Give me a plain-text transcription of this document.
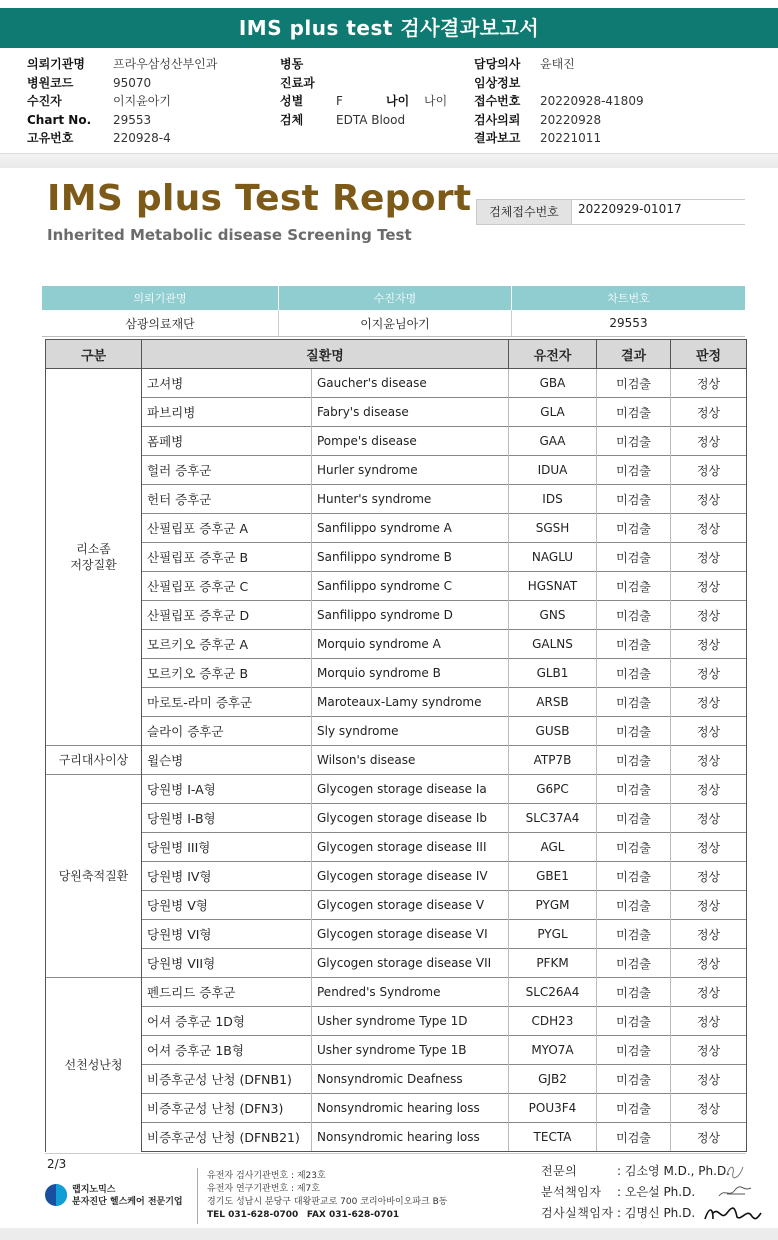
IMS plus test 검사결과보고서
의뢰기관명 프라우삼성산부인과
병원코드	95070
수진자	이지윤아기
Chart No. 29553
고유번호	220928-4
병동
진료과
성별	F	나이 나이
검체	EDTA Blood
담당의사 윤태진
임상정보
접수번호 20220928-41809
검사의뢰 20220928
결과보고 20221011
IMS plus Test Report
Inherited Metabolic disease Screening Test
검체접수번호	20220929-01017
의뢰기관명	수진자명	차트번호
삼광의료재단	이지윤님아기	29553
구분	질환명		유전자	결과	판정

리소좀
저장질환	고셔병	Gaucher's disease	GBA	미검출	정상
	파브리병	Fabry's disease	GLA	미검출	정상
	폼페병	Pompe's disease	GAA	미검출	정상
	헐러 증후군	Hurler syndrome	IDUA	미검출	정상
	헌터 증후군	Hunter's syndrome	IDS	미검출	정상
	산필립포 증후군 A	Sanfilippo syndrome A	SGSH	미검출	정상
	산필립포 증후군 B	Sanfilippo syndrome B	NAGLU	미검출	정상
	산필립포 증후군 C	Sanfilippo syndrome C	HGSNAT	미검출	정상
	산필립포 증후군 D	Sanfilippo syndrome D	GNS	미검출	정상
	모르키오 증후군 A	Morquio syndrome A	GALNS	미검출	정상
	모르키오 증후군 B	Morquio syndrome B	GLB1	미검출	정상
	마로토-라미 증후군	Maroteaux-Lamy syndrome	ARSB	미검출	정상
	슬라이 증후군	Sly syndrome	GUSB	미검출	정상

구리대사이상	윌슨병	Wilson's disease	ATP7B	미검출	정상

당원축적질환	당원병 I-A형	Glycogen storage disease Ia	G6PC	미검출	정상
	당원병 I-B형	Glycogen storage disease Ib	SLC37A4	미검출	정상
	당원병 III형	Glycogen storage disease III	AGL	미검출	정상
	당원병 IV형	Glycogen storage disease IV	GBE1	미검출	정상
	당원병 V형	Glycogen storage disease V	PYGM	미검출	정상
	당원병 VI형	Glycogen storage disease VI	PYGL	미검출	정상
	당원병 VII형	Glycogen storage disease VII	PFKM	미검출	정상

선천성난청	펜드리드 증후군	Pendred's Syndrome	SLC26A4	미검출	정상
	어셔 증후군 1D형	Usher syndrome Type 1D	CDH23	미검출	정상
	어셔 증후군 1B형	Usher syndrome Type 1B	MYO7A	미검출	정상
	비증후군성 난청 (DFNB1)	Nonsyndromic Deafness	GJB2	미검출	정상
	비증후군성 난청 (DFN3)	Nonsyndromic hearing loss	POU3F4	미검출	정상
	비증후군성 난청 (DFNB21)	Nonsyndromic hearing loss	TECTA	미검출	정상
2/3
랩지노믹스
분자진단 헬스케어 전문기업
유전자 검사기관번호 : 제23호
유전자 연구기관번호 : 제7호
경기도 성남시 분당구 대왕판교로 700 코리아바이오파크 B동
TEL 031-628-0700 FAX 031-628-0701
전문의	: 김소영 M.D., Ph.D.
분석책임자 : 오은설 Ph.D.
검사실책임자 : 김명신 Ph.D.
